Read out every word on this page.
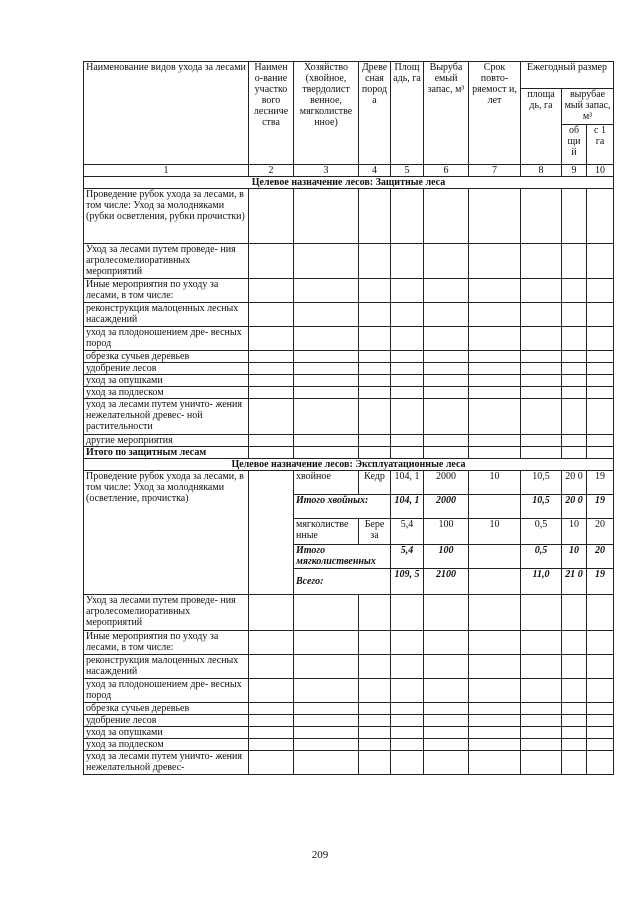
Наименование видов ухода за лесами	Наимен о-вание участко вого лесниче ства	Хозяйство (хвойное, твердолист венное, мягколистве нное)	Древе сная пород а	Площ адь, га	Выруба емый запас, м³	Срок повто- ряемост и, лет	Ежегодный размер		
							площа дь, га	вырубае мый запас, м³	
								об щи й	с 1 га
1	2	3	4	5	6	7	8	9	10
Целевое назначение лесов: Защитные леса									
Проведение рубок ухода за лесами, в том числе: Уход за молодняками (рубки осветления, рубки прочистки)									
Уход за лесами путем проведе- ния агролесомелиоративных мероприятий									
Иные мероприятия по уходу за лесами, в том числе:									
реконструкция малоценных лесных насаждений									
уход за плодоношением дре- весных пород									
обрезка сучьев деревьев									
удобрение лесов									
уход за опушками									
уход за подлеском									
уход за лесами путем уничто- жения нежелательной древес- ной растительности									
другие мероприятия									
Итого по защитным лесам									
Целевое назначение лесов: Эксплуатационные леса									
Проведение рубок ухода за лесами, в том числе: Уход за молодняками (осветление, прочистка)		хвойное	Кедр	104, 1	2000	10	10,5	20 0	19
		Итого хвойных:		104, 1	2000		10,5	20 0	19
		мягколистве нные	Бере за	5,4	100	10	0,5	10	20
		Итого мягколиственных		5,4	100		0,5	10	20
		Всего:		109, 5	2100		11,0	21 0	19
Уход за лесами путем проведе- ния агролесомелиоративных мероприятий									
Иные мероприятия по уходу за лесами, в том числе:									
реконструкция малоценных лесных насаждений									
уход за плодоношением дре- весных пород									
обрезка сучьев деревьев									
удобрение лесов									
уход за опушками									
уход за подлеском									
уход за лесами путем уничто- жения нежелательной древес-									
209
